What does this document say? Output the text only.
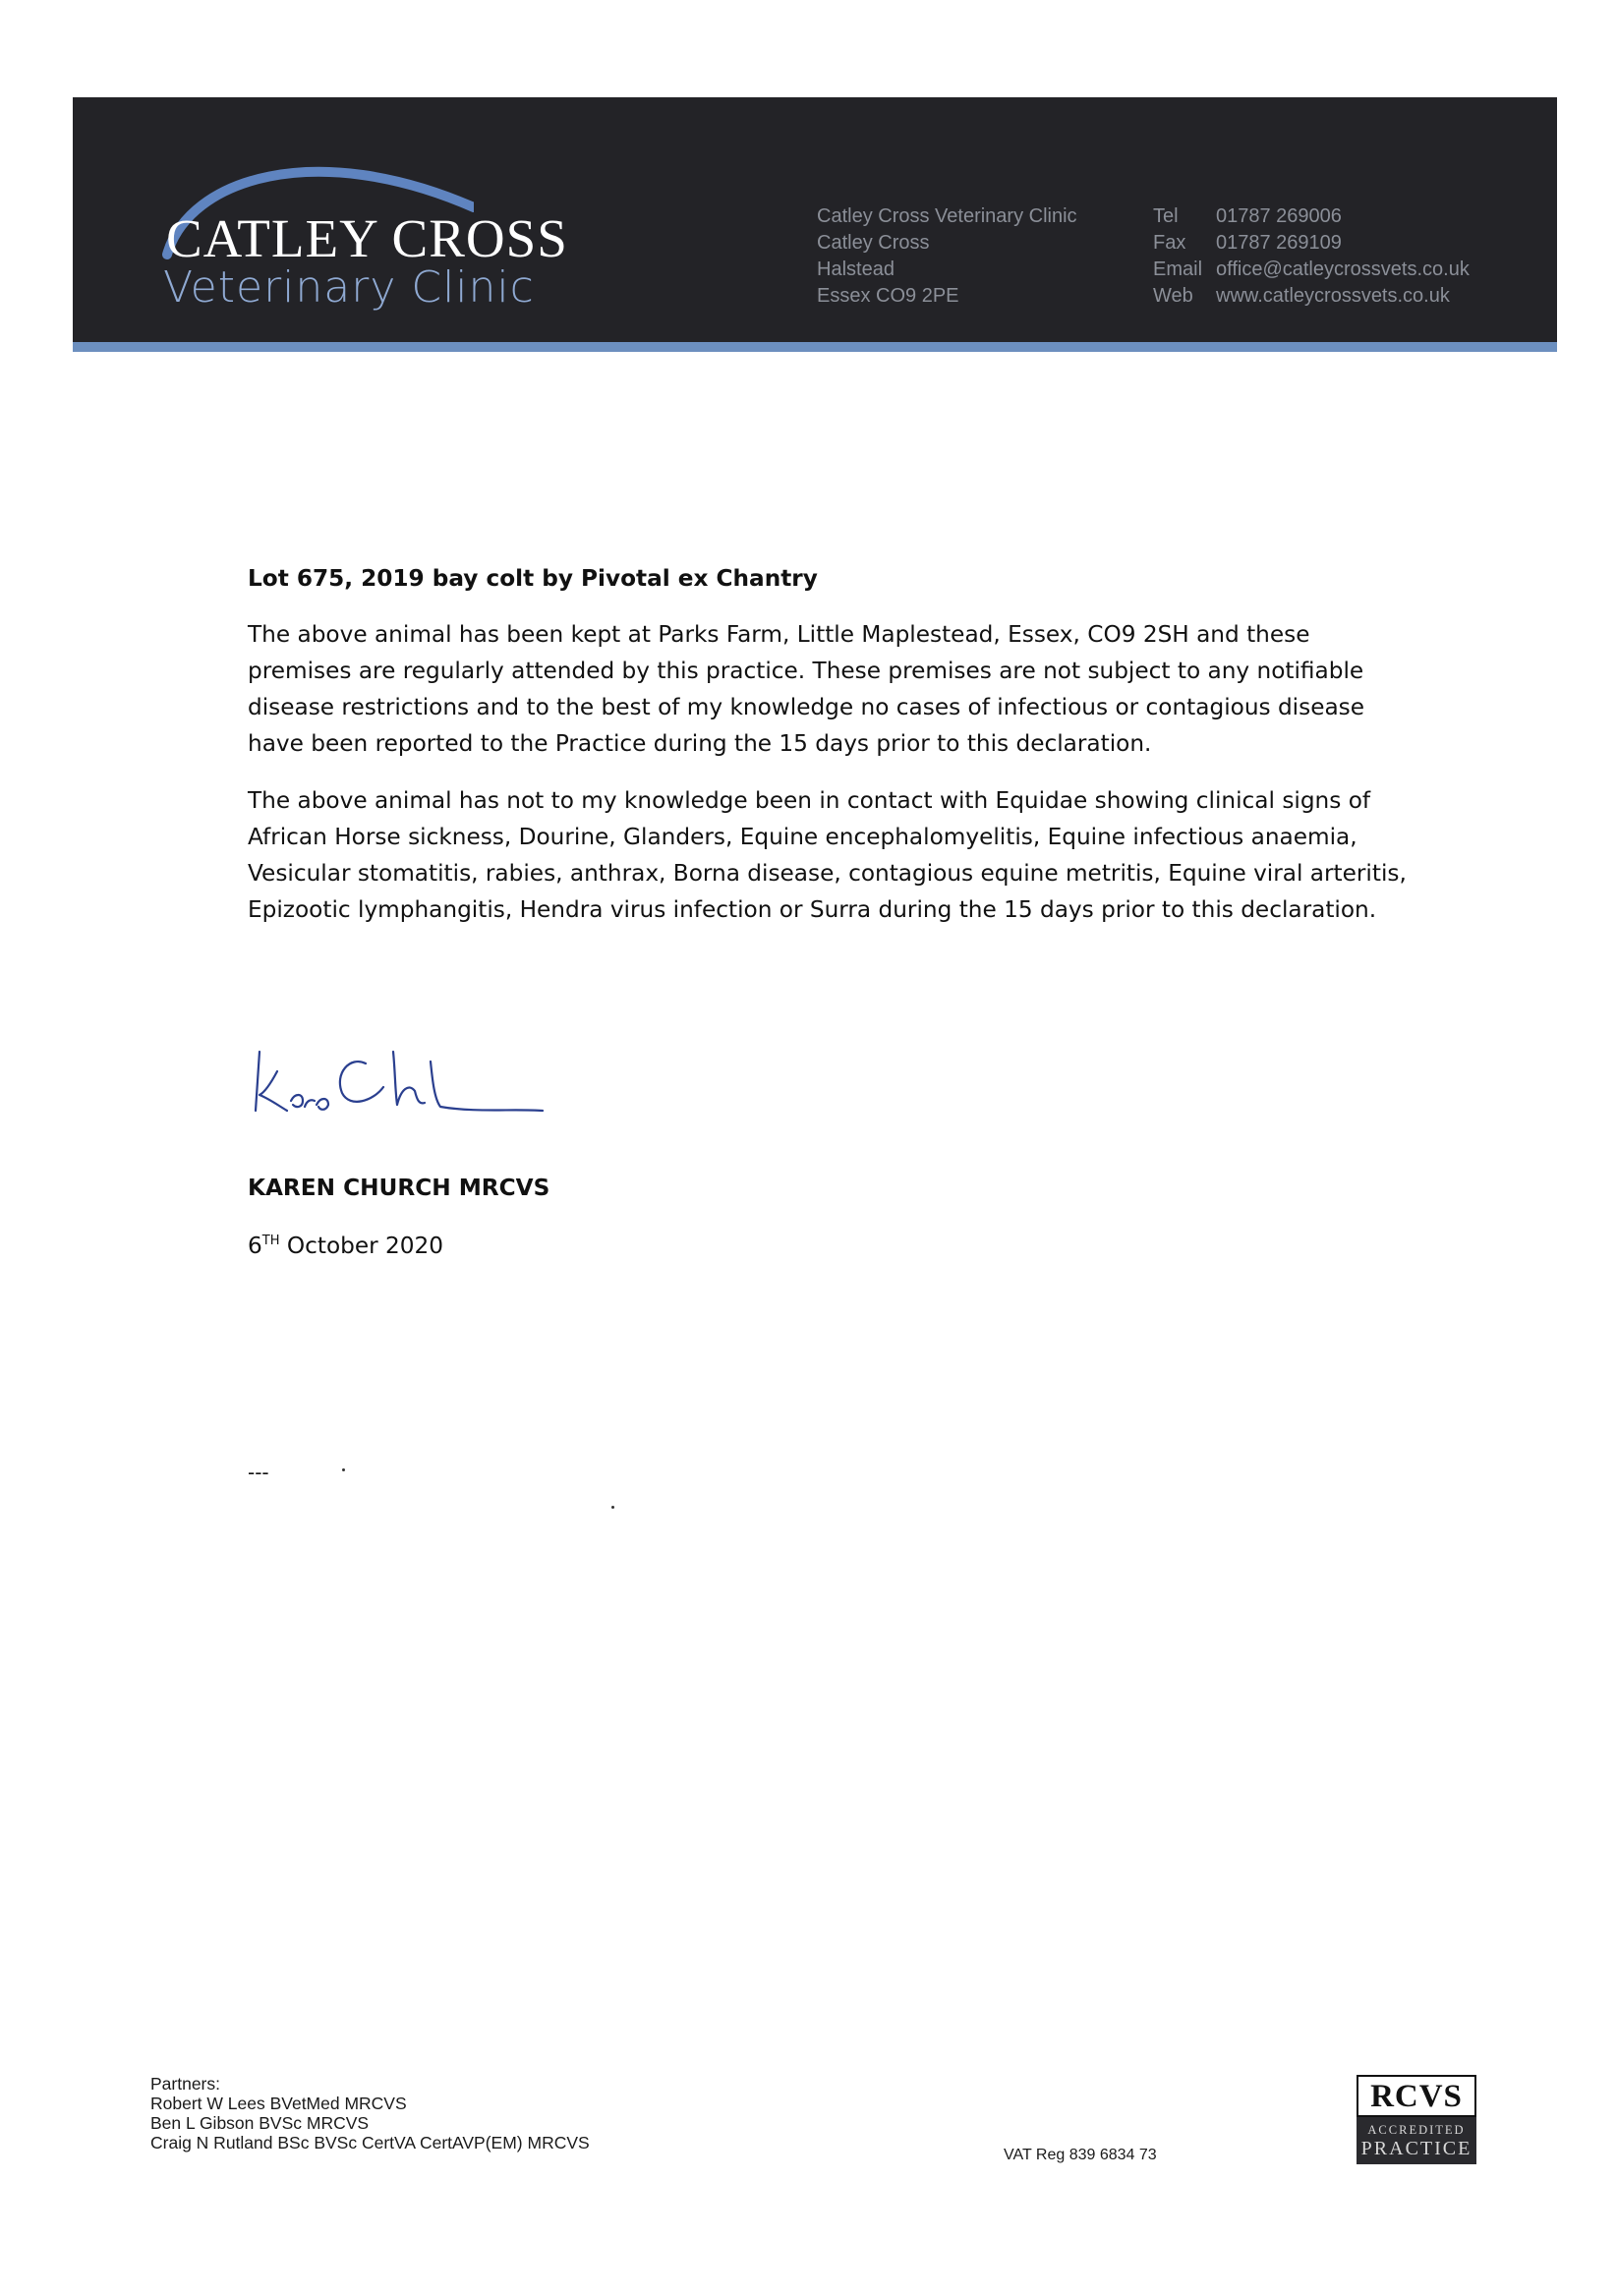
CATLEY CROSS
Veterinary Clinic
Catley Cross Veterinary Clinic
Catley Cross
Halstead
Essex CO9 2PE
Tel 01787 269006
Fax 01787 269109
Email office@catleycrossvets.co.uk
Web www.catleycrossvets.co.uk
Lot 675, 2019 bay colt by Pivotal ex Chantry
The above animal has been kept at Parks Farm, Little Maplestead, Essex, CO9 2SH and these
premises are regularly attended by this practice. These premises are not subject to any notifiable
disease restrictions and to the best of my knowledge no cases of infectious or contagious disease
have been reported to the Practice during the 15 days prior to this declaration.
The above animal has not to my knowledge been in contact with Equidae showing clinical signs of
African Horse sickness, Dourine, Glanders, Equine encephalomyelitis, Equine infectious anaemia,
Vesicular stomatitis, rabies, anthrax, Borna disease, contagious equine metritis, Equine viral arteritis,
Epizootic lymphangitis, Hendra virus infection or Surra during the 15 days prior to this declaration.
KAREN CHURCH MRCVS
6TH October 2020
---
Partners:
Robert W Lees BVetMed MRCVS
Ben L Gibson BVSc MRCVS
Craig N Rutland BSc BVSc CertVA CertAVP(EM) MRCVS
VAT Reg 839 6834 73
RCVS
ACCREDITED
PRACTICE
